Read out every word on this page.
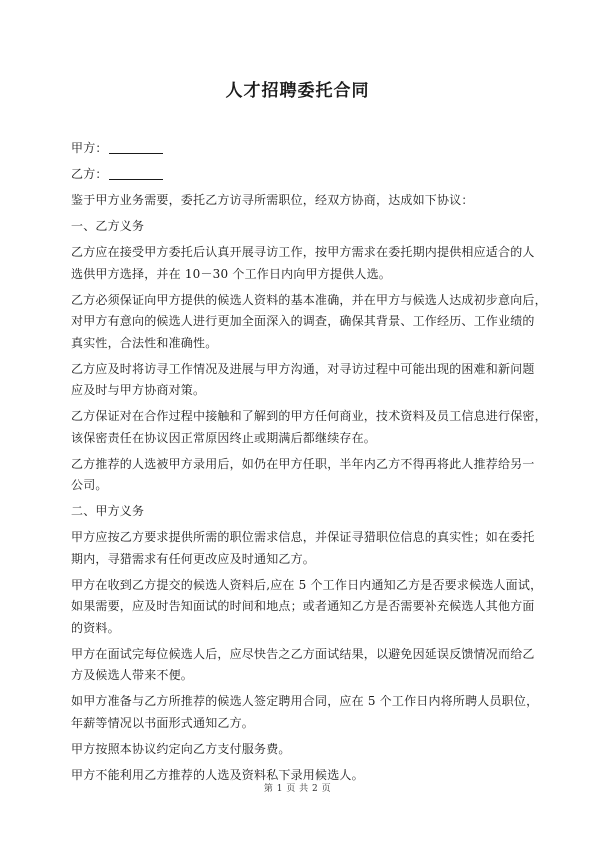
人才招聘委托合同

甲方：

乙方：

鉴于甲方业务需要，委托乙方访寻所需职位，经双方协商，达成如下协议：

一、乙方义务

乙方应在接受甲方委托后认真开展寻访工作，按甲方需求在委托期内提供相应适合的人

选供甲方选择，并在 10－30 个工作日内向甲方提供人选。

乙方必须保证向甲方提供的候选人资料的基本准确，并在甲方与候选人达成初步意向后，

对甲方有意向的候选人进行更加全面深入的调查，确保其背景、工作经历、工作业绩的

真实性，合法性和准确性。

乙方应及时将访寻工作情况及进展与甲方沟通，对寻访过程中可能出现的困难和新问题

应及时与甲方协商对策。

乙方保证对在合作过程中接触和了解到的甲方任何商业，技术资料及员工信息进行保密，

该保密责任在协议因正常原因终止或期满后都继续存在。

乙方推荐的人选被甲方录用后，如仍在甲方任职，半年内乙方不得再将此人推荐给另一

公司。

二、甲方义务

甲方应按乙方要求提供所需的职位需求信息，并保证寻猎职位信息的真实性；如在委托

期内，寻猎需求有任何更改应及时通知乙方。

甲方在收到乙方提交的候选人资料后,应在 5 个工作日内通知乙方是否要求候选人面试，

如果需要，应及时告知面试的时间和地点；或者通知乙方是否需要补充候选人其他方面

的资料。

甲方在面试完每位候选人后，应尽快告之乙方面试结果，以避免因延误反馈情况而给乙

方及候选人带来不便。

如甲方准备与乙方所推荐的候选人签定聘用合同，应在 5 个工作日内将所聘人员职位，

年薪等情况以书面形式通知乙方。

甲方按照本协议约定向乙方支付服务费。

甲方不能利用乙方推荐的人选及资料私下录用候选人。

第 1 页 共 2 页
